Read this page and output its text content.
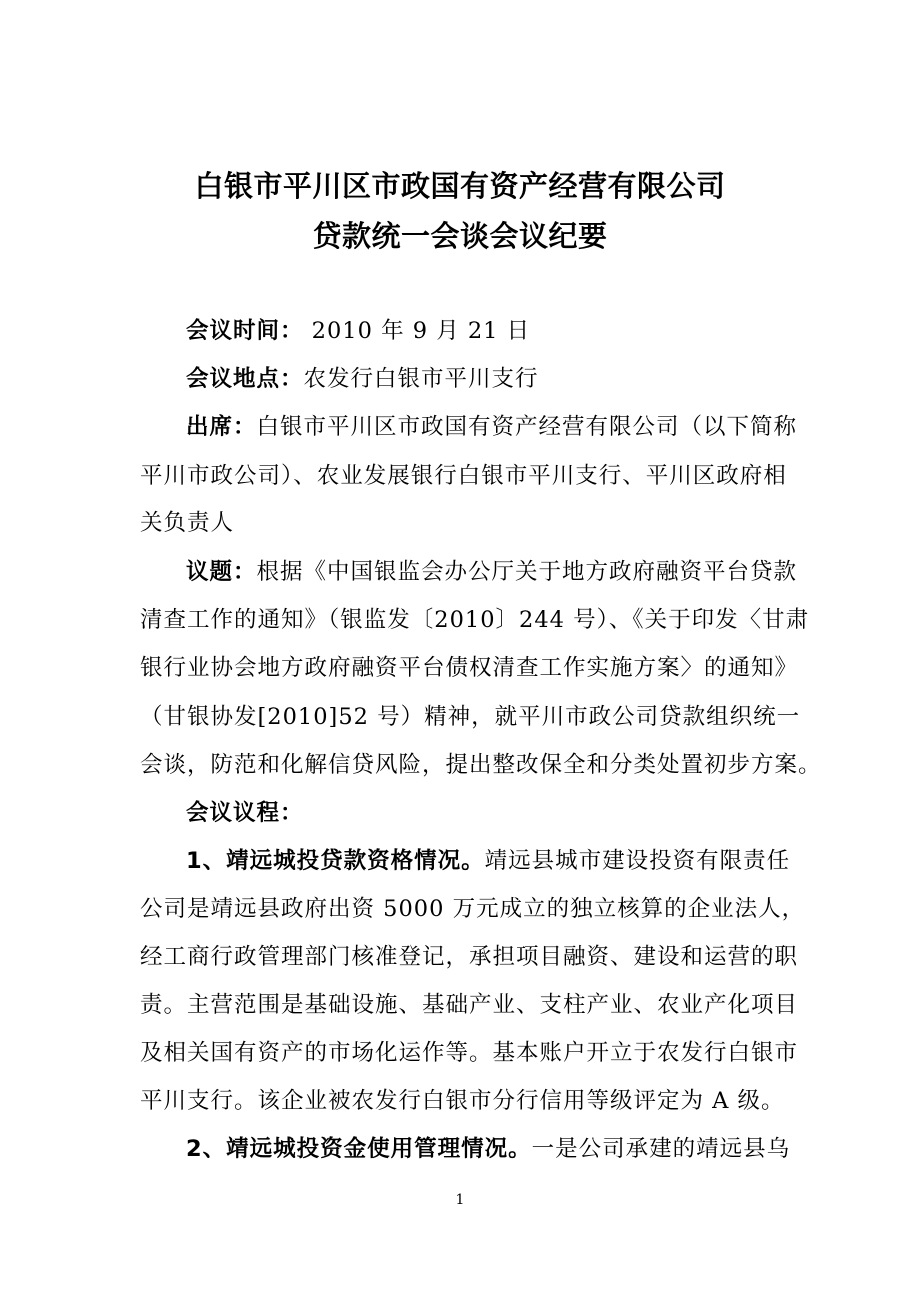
白银市平川区市政国有资产经营有限公司
贷款统一会谈会议纪要
会议时间： 2010 年 9 月 21 日
会议地点：农发行白银市平川支行
出席：白银市平川区市政国有资产经营有限公司（以下简称
平川市政公司）、农业发展银行白银市平川支行、平川区政府相
关负责人
议题：根据《中国银监会办公厅关于地方政府融资平台贷款
清查工作的通知》（银监发〔2010〕244 号）、《关于印发〈甘肃
银行业协会地方政府融资平台债权清查工作实施方案〉的通知》
（甘银协发[2010]52 号）精神，就平川市政公司贷款组织统一
会谈，防范和化解信贷风险，提出整改保全和分类处置初步方案。
会议议程：
1、靖远城投贷款资格情况。靖远县城市建设投资有限责任
公司是靖远县政府出资 5000 万元成立的独立核算的企业法人，
经工商行政管理部门核准登记，承担项目融资、建设和运营的职
责。主营范围是基础设施、基础产业、支柱产业、农业产化项目
及相关国有资产的市场化运作等。基本账户开立于农发行白银市
平川支行。该企业被农发行白银市分行信用等级评定为 A 级。
2、靖远城投资金使用管理情况。一是公司承建的靖远县乌
1
